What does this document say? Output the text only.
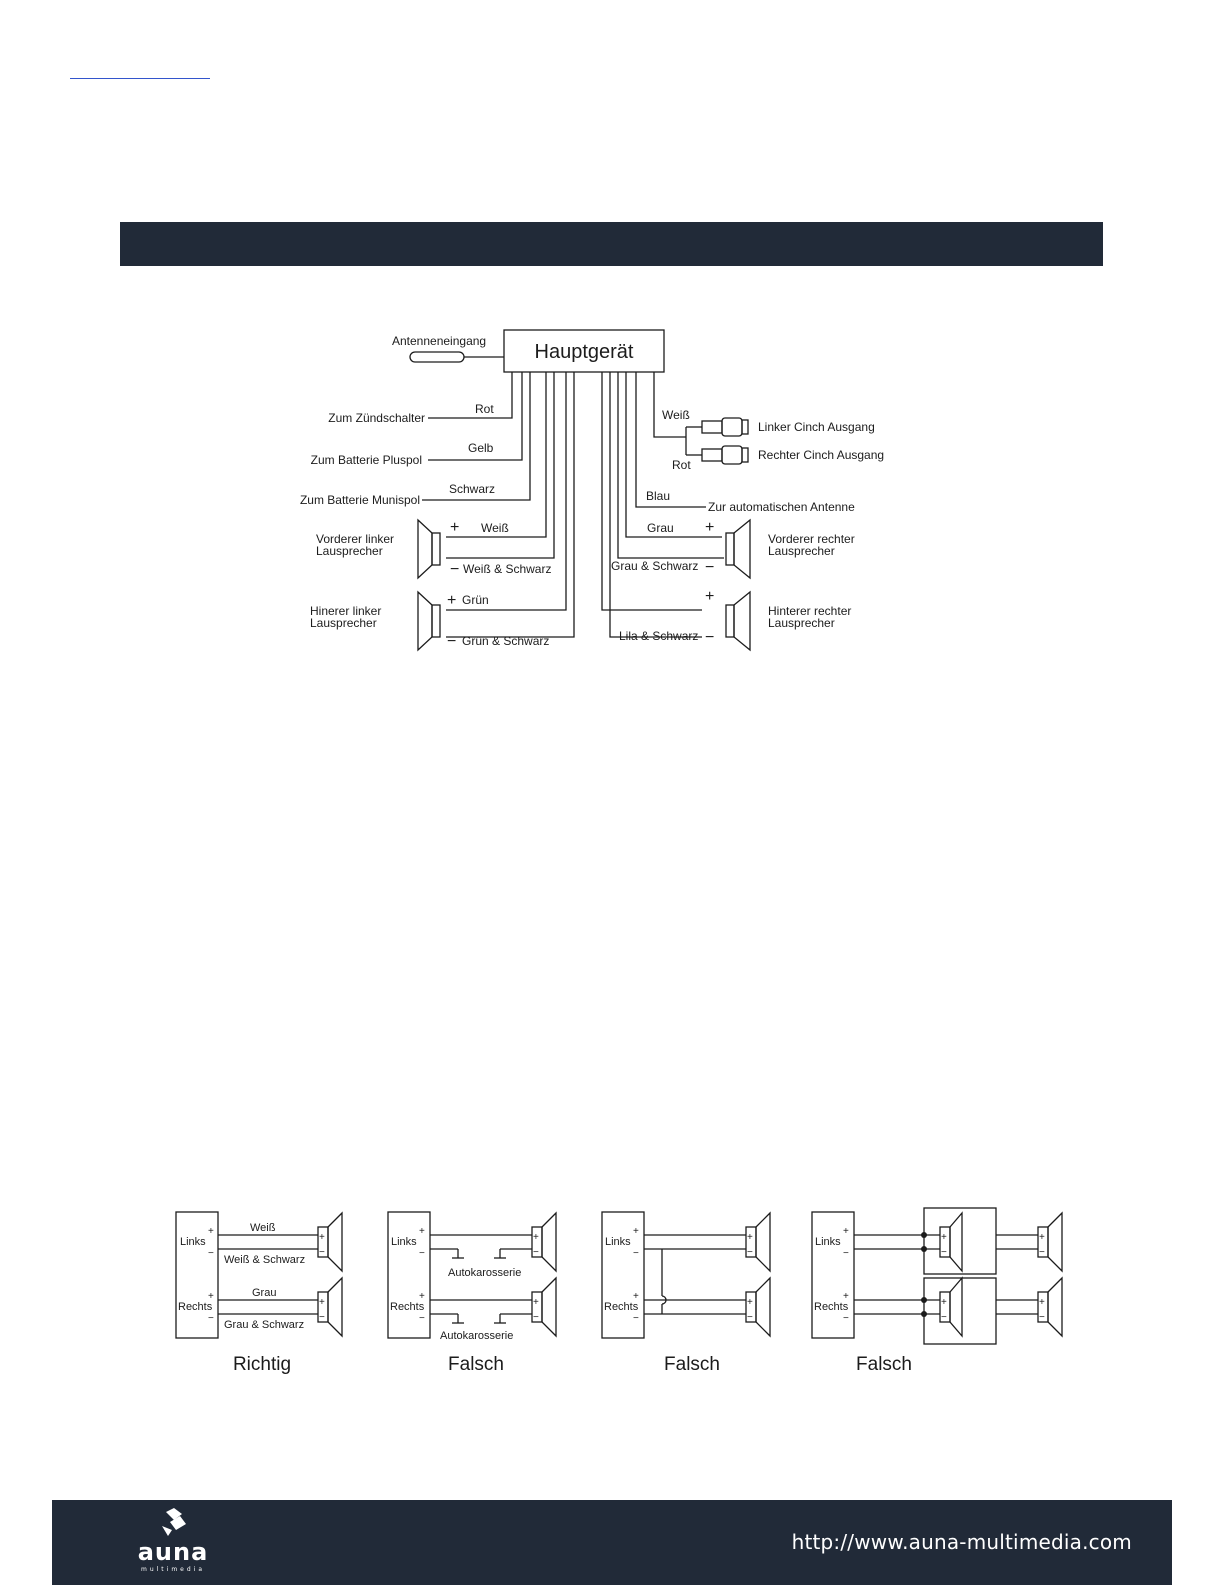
Hauptgerät
Antenneneingang
Zum Zündschalter
Rot
Zum Batterie Pluspol
Gelb
Zum Batterie Munispol
Schwarz
Vorderer linker
Lausprecher
+ Weiß
− Weiß & Schwarz
Hinerer linker
Lausprecher
+ Grün
− Grün & Schwarz
Weiß
Rot
Linker Cinch Ausgang
Rechter Cinch Ausgang
Blau
Zur automatischen Antenne
Grau +
Grau & Schwarz −
Vorderer rechter
Lausprecher
+
Lila & Schwarz −
Hinterer rechter
Lausprecher
Links
Rechts
Weiß
Weiß & Schwarz
Grau
Grau & Schwarz
Richtig
Links
Rechts
Autokarosserie
Autokarosserie
Falsch
Links
Rechts
Falsch
Links
Rechts
Falsch
+
−
+
−
+
−
+
−
+
−
+
−
+
−
+
−
+
−
+
−
+
−
+
−
+
−
+
−
+
−
+
−
+
−
+
−
auna
multimedia
http://www.auna-multimedia.com
